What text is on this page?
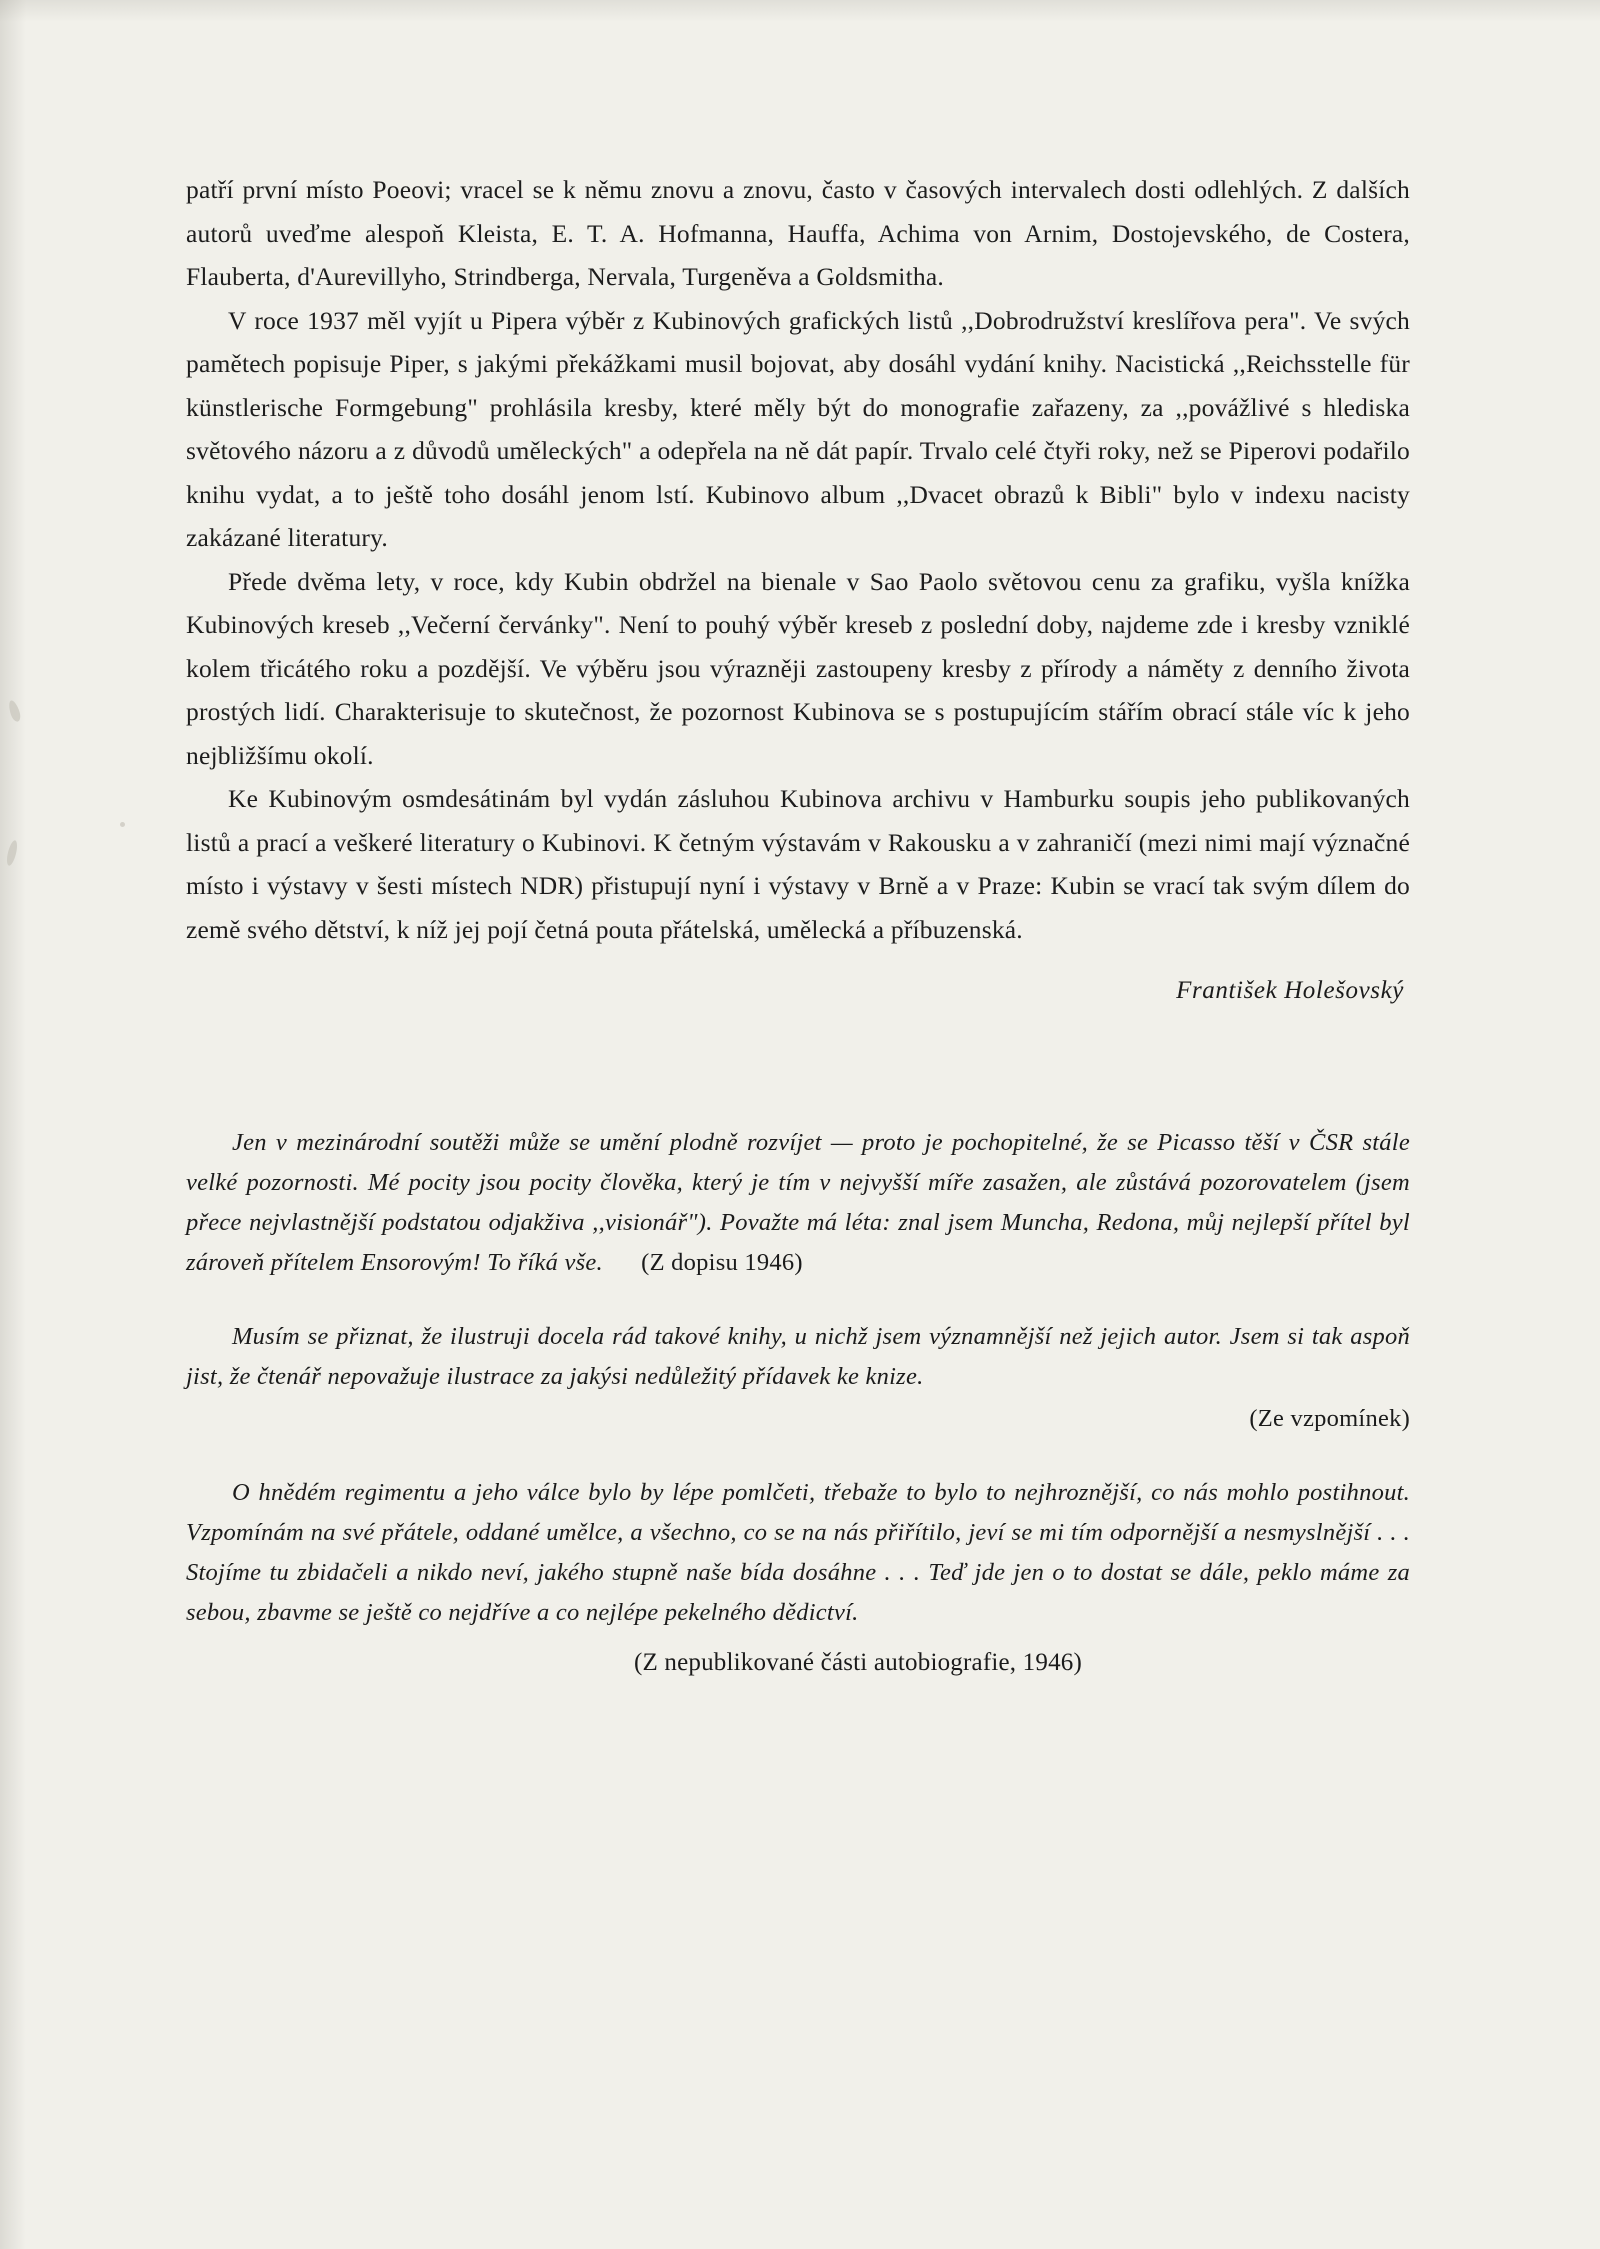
patří první místo Poeovi; vracel se k němu znovu a znovu, často v časových intervalech dosti odlehlých. Z dalších autorů uveďme alespoň Kleista, E. T. A. Hofmanna, Hauffa, Achima von Arnim, Dostojevského, de Costera, Flauberta, d'Aurevillyho, Strindberga, Nervala, Turgeněva a Goldsmitha.

V roce 1937 měl vyjít u Pipera výběr z Kubinových grafických listů ,,Dobrodružství kreslířova pera". Ve svých pamětech popisuje Piper, s jakými překážkami musil bojovat, aby dosáhl vydání knihy. Nacistická ,,Reichsstelle für künstlerische Formgebung" prohlásila kresby, které měly být do monografie zařazeny, za ,,povážlivé s hlediska světového názoru a z důvodů uměleckých" a odepřela na ně dát papír. Trvalo celé čtyři roky, než se Piperovi podařilo knihu vydat, a to ještě toho dosáhl jenom lstí. Kubinovo album ,,Dvacet obrazů k Bibli" bylo v indexu nacisty zakázané literatury.

Přede dvěma lety, v roce, kdy Kubin obdržel na bienale v Sao Paolo světovou cenu za grafiku, vyšla knížka Kubinových kreseb ,,Večerní červánky". Není to pouhý výběr kreseb z poslední doby, najdeme zde i kresby vzniklé kolem třicátého roku a pozdější. Ve výběru jsou výrazněji zastoupeny kresby z přírody a náměty z denního života prostých lidí. Charakterisuje to skutečnost, že pozornost Kubinova se s postupujícím stářím obrací stále víc k jeho nejbližšímu okolí.

Ke Kubinovým osmdesátinám byl vydán zásluhou Kubinova archivu v Hamburku soupis jeho publikovaných listů a prací a veškeré literatury o Kubinovi. K četným výstavám v Rakousku a v zahraničí (mezi nimi mají význačné místo i výstavy v šesti místech NDR) přistupují nyní i výstavy v Brně a v Praze: Kubin se vrací tak svým dílem do země svého dětství, k níž jej pojí četná pouta přátelská, umělecká a příbuzenská.

František Holešovský

Jen v mezinárodní soutěži může se umění plodně rozvíjet — proto je pochopitelné, že se Picasso těší v ČSR stále velké pozornosti. Mé pocity jsou pocity člověka, který je tím v nejvyšší míře zasažen, ale zůstává pozorovatelem (jsem přece nejvlastnější podstatou odjakživa ,,visionář"). Považte má léta: znal jsem Muncha, Redona, můj nejlepší přítel byl zároveň přítelem Ensorovým! To říká vše.      (Z dopisu 1946)

Musím se přiznat, že ilustruji docela rád takové knihy, u nichž jsem významnější než jejich autor. Jsem si tak aspoň jist, že čtenář nepovažuje ilustrace za jakýsi nedůležitý přídavek ke knize.

(Ze vzpomínek)

O hnědém regimentu a jeho válce bylo by lépe pomlčeti, třebaže to bylo to nejhroznější, co nás mohlo postihnout. Vzpomínám na své přátele, oddané umělce, a všechno, co se na nás přiřítilo, jeví se mi tím odpornější a nesmyslnější . . . Stojíme tu zbidačeli a nikdo neví, jakého stupně naše bída dosáhne . . . Teď jde jen o to dostat se dále, peklo máme za sebou, zbavme se ještě co nejdříve a co nejlépe pekelného dědictví.

(Z nepublikované části autobiografie, 1946)
